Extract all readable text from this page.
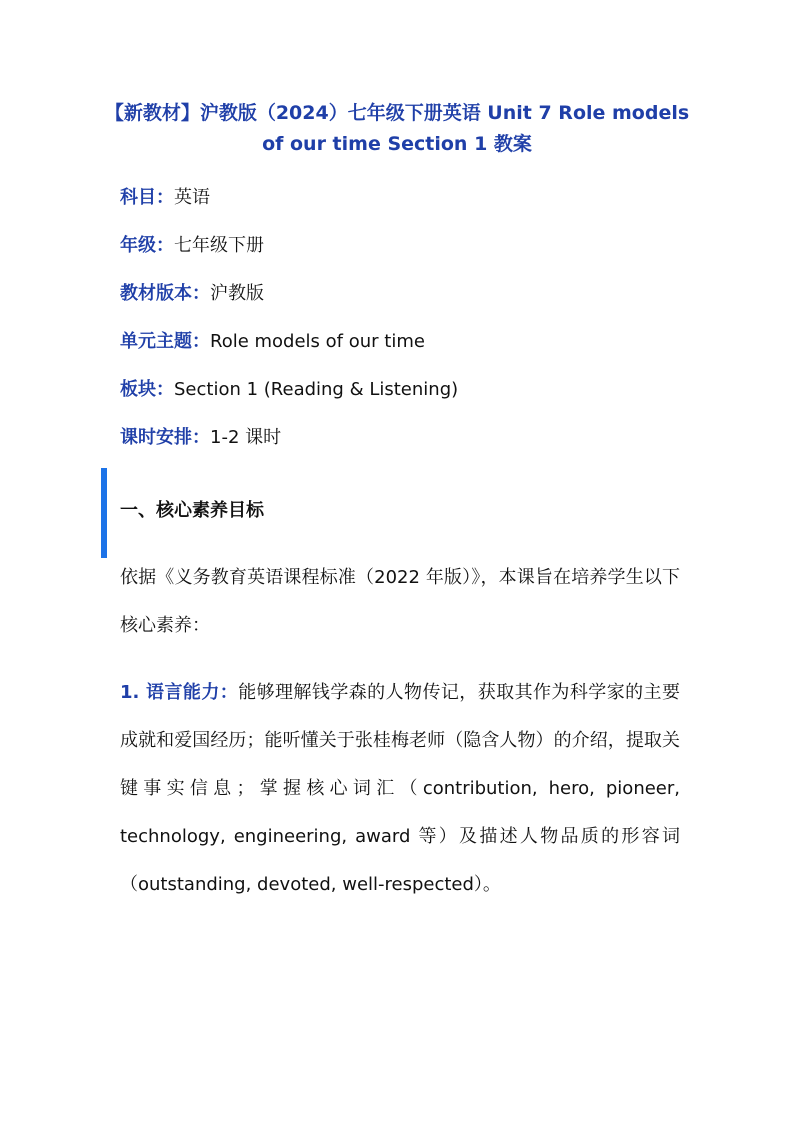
【新教材】沪教版（2024）七年级下册英语 Unit 7 Role models of our time Section 1 教案
科目：英语
年级：七年级下册
教材版本：沪教版
单元主题：Role models of our time
板块：Section 1 (Reading & Listening)
课时安排：1-2 课时
一、核心素养目标
依据《义务教育英语课程标准（2022 年版）》，本课旨在培养学生以下核心素养：
1. 语言能力：能够理解钱学森的人物传记，获取其作为科学家的主要成就和爱国经历；能听懂关于张桂梅老师（隐含人物）的介绍，提取关键事实信息；掌握核心词汇（contribution, hero, pioneer, technology, engineering, award 等）及描述人物品质的形容词（outstanding, devoted, well-respected）。
